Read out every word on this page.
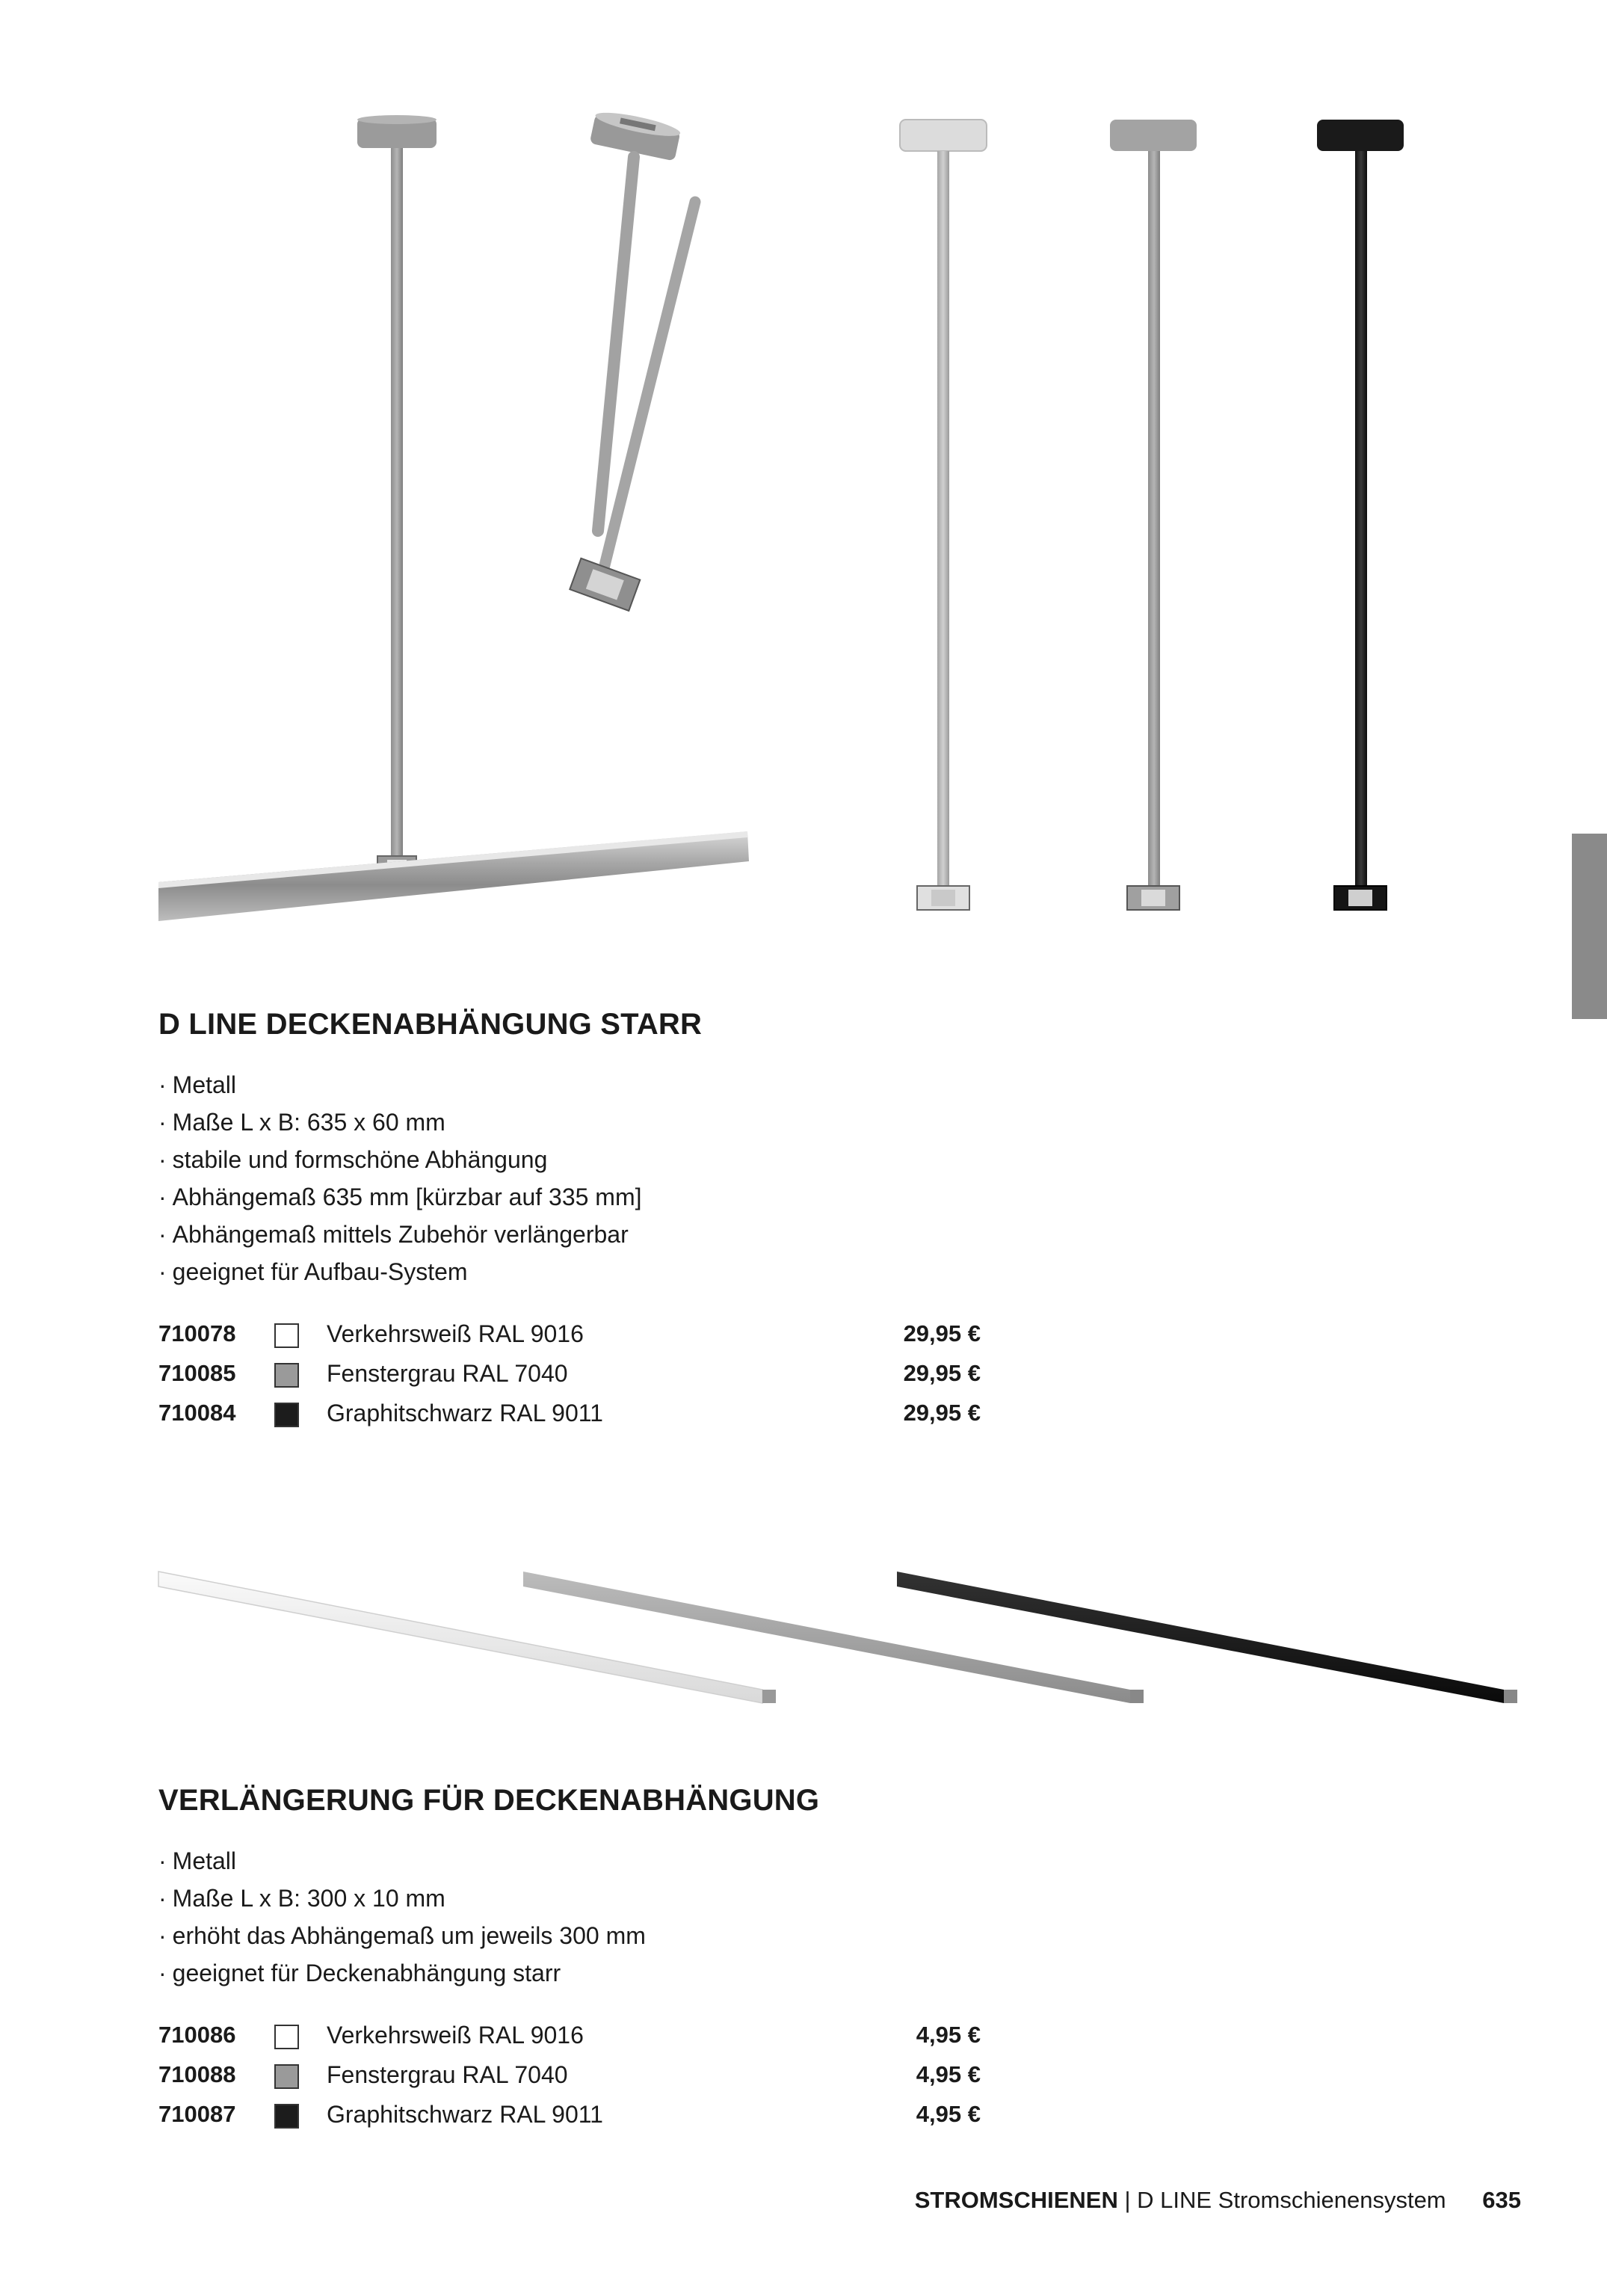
D LINE DECKENABHÄNGUNG STARR
· Metall
· Maße L x B: 635 x 60 mm
· stabile und formschöne Abhängung
· Abhängemaß 635 mm [kürzbar auf 335 mm]
· Abhängemaß mittels Zubehör verlängerbar
· geeignet für Aufbau-System
710078	Verkehrsweiß RAL 9016	29,95 €
710085	Fenstergrau RAL 7040	29,95 €
710084	Graphitschwarz RAL 9011	29,95 €
VERLÄNGERUNG FÜR DECKENABHÄNGUNG
· Metall
· Maße L x B: 300 x 10 mm
· erhöht das Abhängemaß um jeweils 300 mm
· geeignet für Deckenabhängung starr
710086	Verkehrsweiß RAL 9016	4,95 €
710088	Fenstergrau RAL 7040	4,95 €
710087	Graphitschwarz RAL 9011	4,95 €
STROMSCHIENEN | D LINE Stromschienensystem 635
